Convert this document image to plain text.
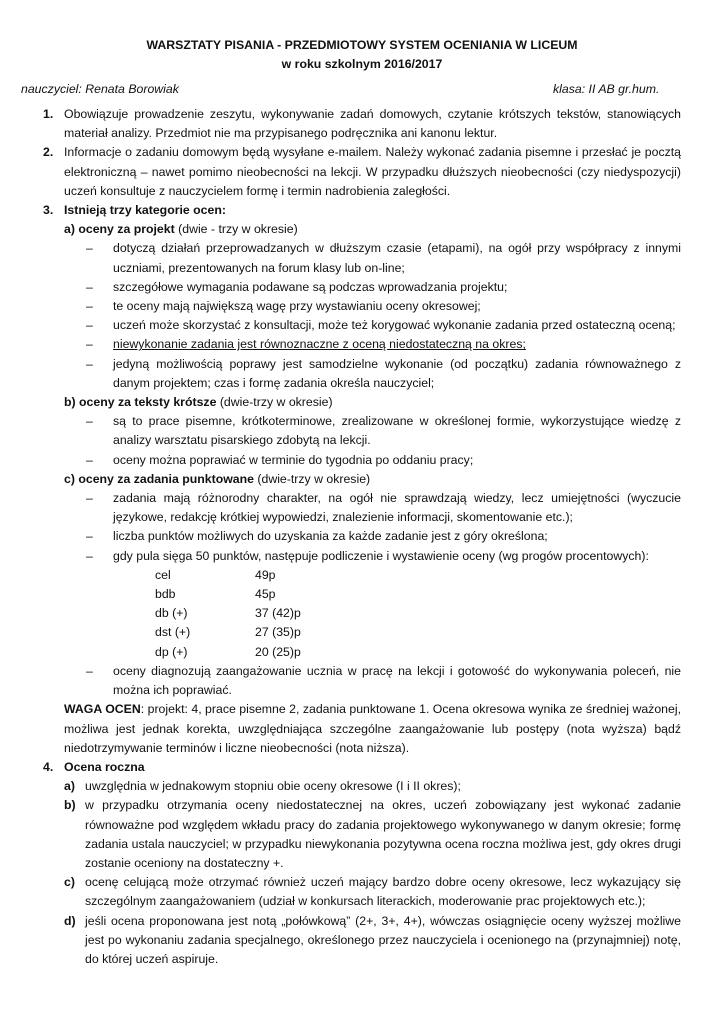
WARSZTATY PISANIA - PRZEDMIOTOWY SYSTEM OCENIANIA W LICEUM
w roku szkolnym 2016/2017
nauczyciel: Renata Borowiak	klasa: II AB gr.hum.
1. Obowiązuje prowadzenie zeszytu, wykonywanie zadań domowych, czytanie krótszych tekstów, stanowiących materiał analizy. Przedmiot nie ma przypisanego podręcznika ani kanonu lektur.
2. Informacje o zadaniu domowym będą wysyłane e-mailem. Należy wykonać zadania pisemne i przesłać je pocztą elektroniczną – nawet pomimo nieobecności na lekcji. W przypadku dłuższych nieobecności (czy niedyspozycji) uczeń konsultuje z nauczycielem formę i termin nadrobienia zaległości.
3. Istnieją trzy kategorie ocen:
a) oceny za projekt (dwie - trzy w okresie)
–	dotyczą działań przeprowadzanych w dłuższym czasie (etapami), na ogół przy współpracy z innymi uczniami, prezentowanych na forum klasy lub on-line;
–	szczegółowe wymagania podawane są podczas wprowadzania projektu;
–	te oceny mają największą wagę przy wystawianiu oceny okresowej;
–	uczeń może skorzystać z konsultacji, może też korygować wykonanie zadania przed ostateczną oceną;
–	niewykonanie zadania jest równoznaczne z oceną niedostateczną na okres;
–	jedyną możliwością poprawy jest samodzielne wykonanie (od początku) zadania równoważnego z danym projektem; czas i formę zadania określa nauczyciel;
b) oceny za teksty krótsze (dwie-trzy w okresie)
–	są to prace pisemne, krótkoterminowe, zrealizowane w określonej formie, wykorzystujące wiedzę z analizy warsztatu pisarskiego zdobytą na lekcji.
–	oceny można poprawiać w terminie do tygodnia po oddaniu pracy;
c) oceny za zadania punktowane (dwie-trzy w okresie)
–	zadania mają różnorodny charakter, na ogół nie sprawdzają wiedzy, lecz umiejętności (wyczucie językowe, redakcję krótkiej wypowiedzi, znalezienie informacji, skomentowanie etc.);
–	liczba punktów możliwych do uzyskania za każde zadanie jest z góry określona;
–	gdy pula sięga 50 punktów, następuje podliczenie i wystawienie oceny (wg progów procentowych):
cel	49p
bdb	45p
db (+)	37 (42)p
dst (+)	27 (35)p
dp (+)	20 (25)p
–	oceny diagnozują zaangażowanie ucznia w pracę na lekcji i gotowość do wykonywania poleceń, nie można ich poprawiać.
WAGA OCEN: projekt: 4, prace pisemne 2, zadania punktowane 1. Ocena okresowa wynika ze średniej ważonej, możliwa jest jednak korekta, uwzględniająca szczególne zaangażowanie lub postępy (nota wyższa) bądź niedotrzymywanie terminów i liczne nieobecności (nota niższa).
4. Ocena roczna
a) uwzględnia w jednakowym stopniu obie oceny okresowe (I i II okres);
b) w przypadku otrzymania oceny niedostatecznej na okres, uczeń zobowiązany jest wykonać zadanie równoważne pod względem wkładu pracy do zadania projektowego wykonywanego w danym okresie; formę zadania ustala nauczyciel; w przypadku niewykonania pozytywna ocena roczna możliwa jest, gdy okres drugi zostanie oceniony na dostateczny +.
c) ocenę celującą może otrzymać również uczeń mający bardzo dobre oceny okresowe, lecz wykazujący się szczególnym zaangażowaniem (udział w konkursach literackich, moderowanie prac projektowych etc.);
d) jeśli ocena proponowana jest notą „połówkową” (2+, 3+, 4+), wówczas osiągnięcie oceny wyższej możliwe jest po wykonaniu zadania specjalnego, określonego przez nauczyciela i ocenionego na (przynajmniej) notę, do której uczeń aspiruje.
